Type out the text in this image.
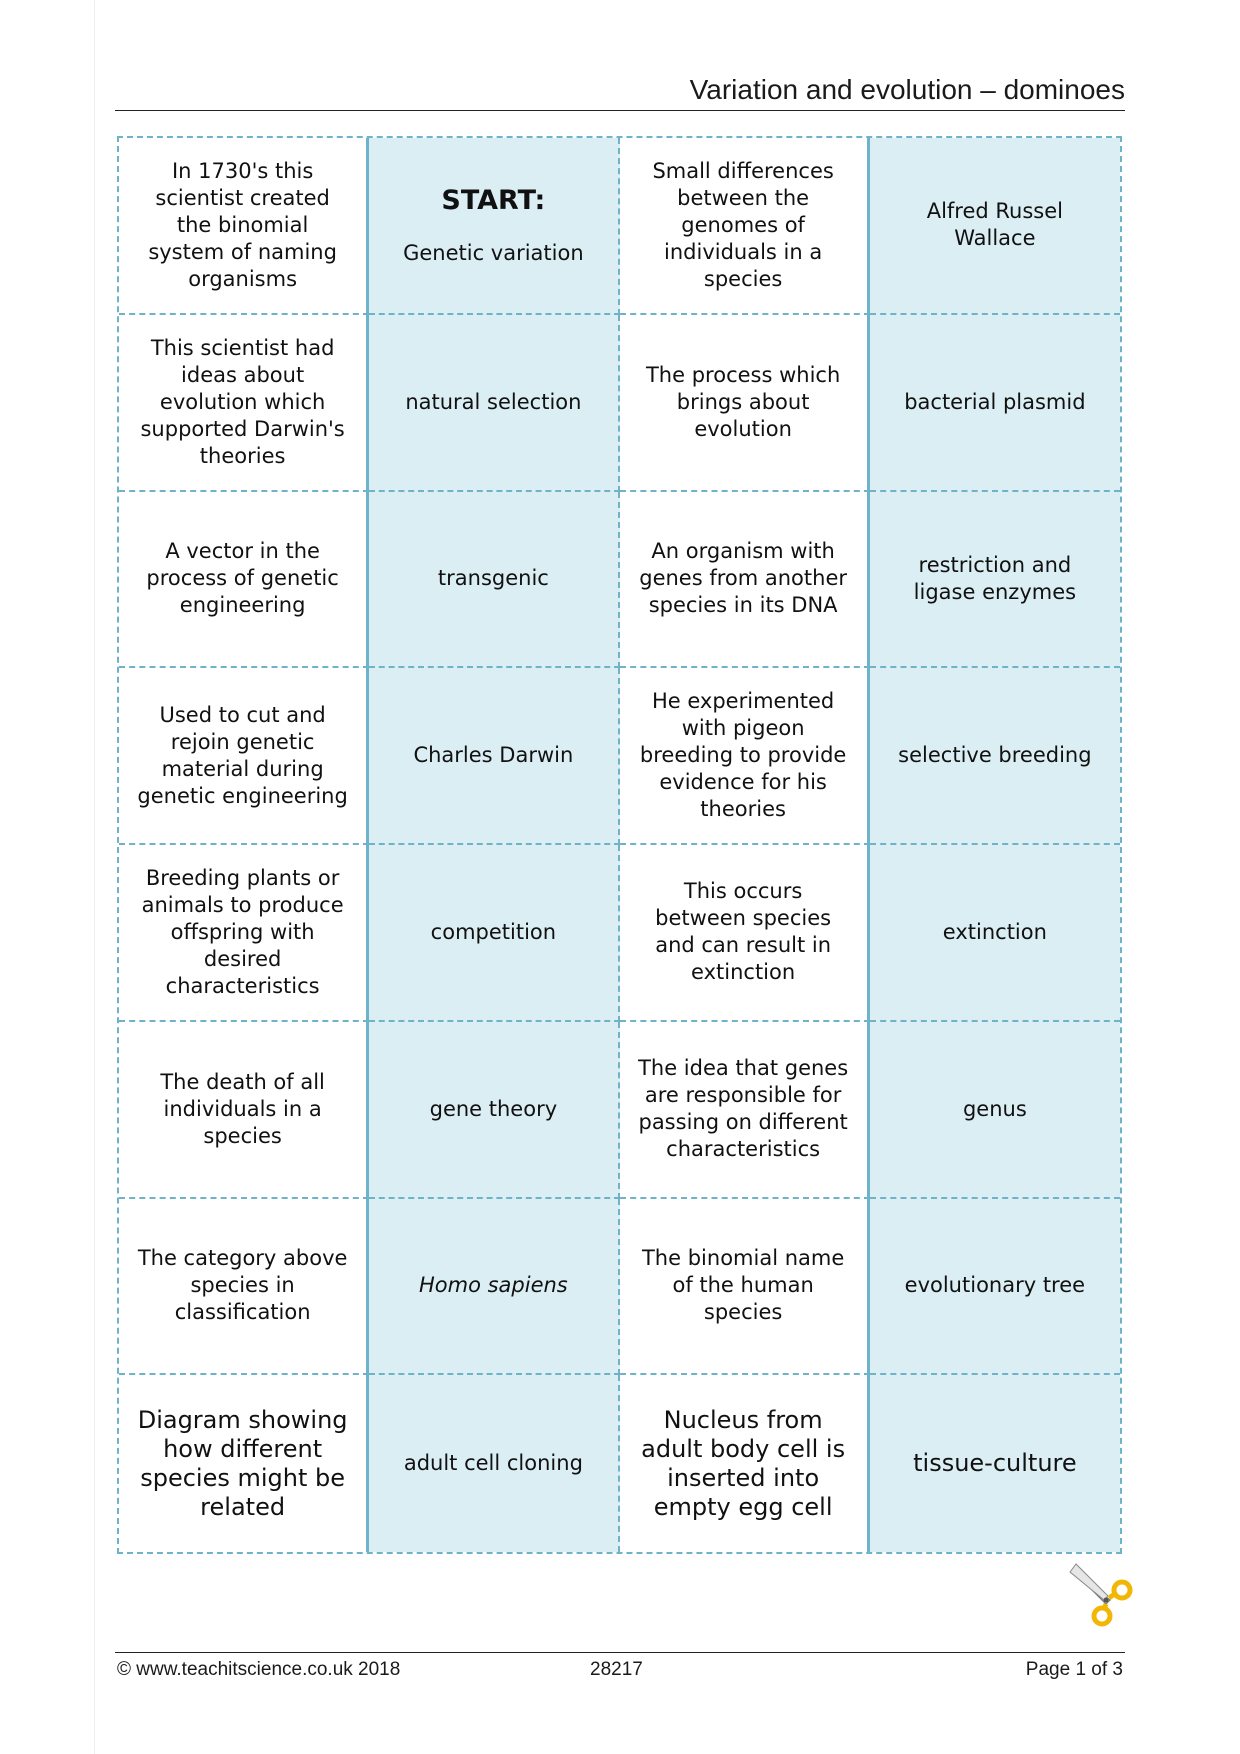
Variation and evolution – dominoes
In 1730's this scientist created the binomial system of naming organisms
START:
Genetic variation
Small differences between the genomes of individuals in a species
Alfred Russel Wallace
This scientist had ideas about evolution which supported Darwin's theories
natural selection
The process which brings about evolution
bacterial plasmid
A vector in the process of genetic engineering
transgenic
An organism with genes from another species in its DNA
restriction and ligase enzymes
Used to cut and rejoin genetic material during genetic engineering
Charles Darwin
He experimented with pigeon breeding to provide evidence for his theories
selective breeding
Breeding plants or animals to produce offspring with desired characteristics
competition
This occurs between species and can result in extinction
extinction
The death of all individuals in a species
gene theory
The idea that genes are responsible for passing on different characteristics
genus
The category above species in classification
Homo sapiens
The binomial name of the human species
evolutionary tree
Diagram showing how different species might be related
adult cell cloning
Nucleus from adult body cell is inserted into empty egg cell
tissue-culture
© www.teachitscience.co.uk 2018	28217	Page 1 of 3
